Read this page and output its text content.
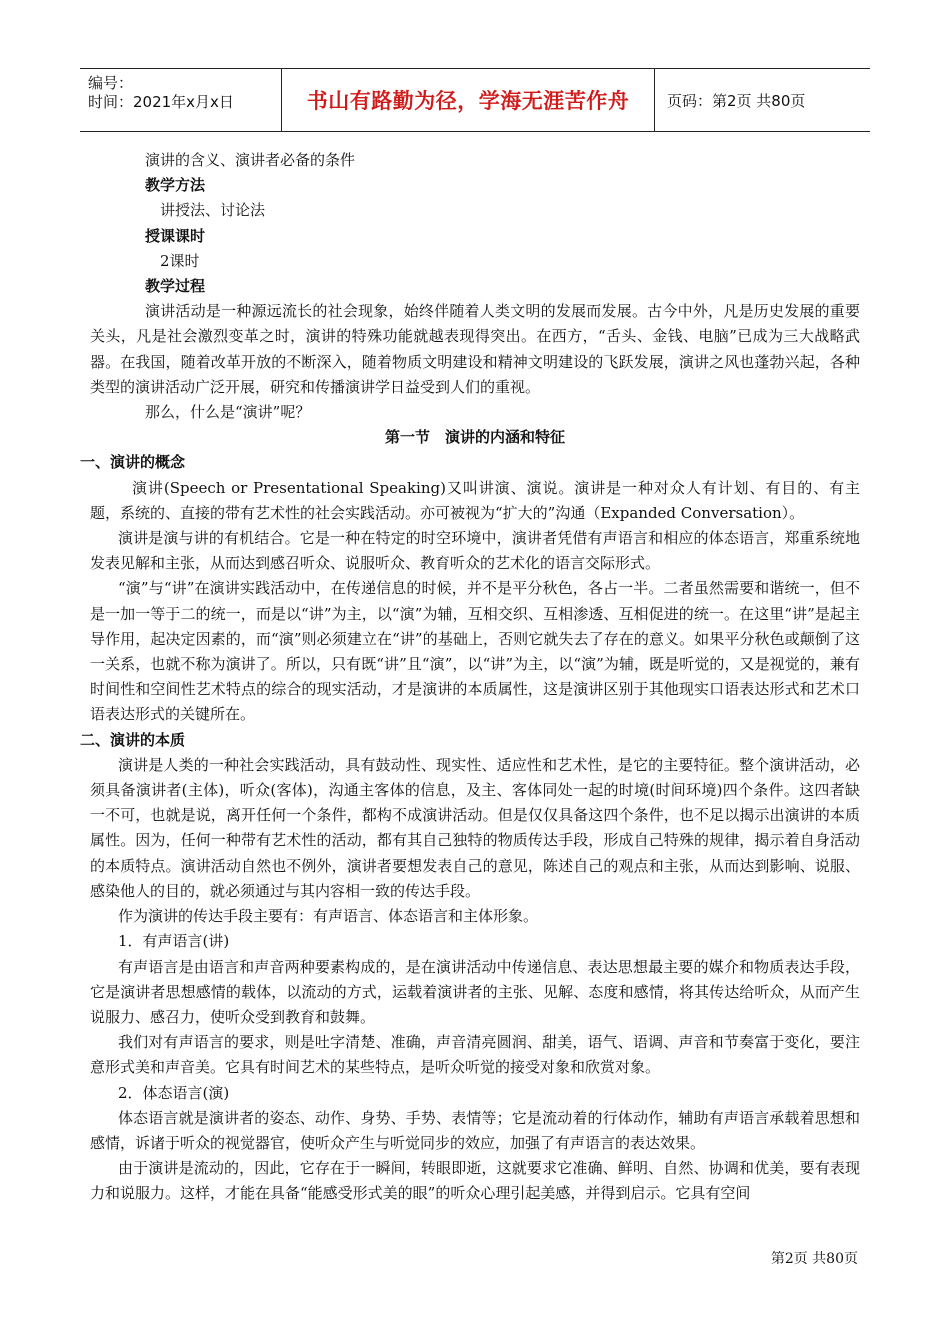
编号：
时间：2021年x月x日	书山有路勤为径，学海无涯苦作舟	页码：第2页 共80页

演讲的含义、演讲者必备的条件

教学方法

讲授法、讨论法

授课课时

2课时

教学过程

演讲活动是一种源远流长的社会现象，始终伴随着人类文明的发展而发展。古今中外，凡是历史发展的重要关头，凡是社会激烈变革之时，演讲的特殊功能就越表现得突出。在西方，“舌头、金钱、电脑”已成为三大战略武器。在我国，随着改革开放的不断深入，随着物质文明建设和精神文明建设的飞跃发展，演讲之风也蓬勃兴起，各种类型的演讲活动广泛开展，研究和传播演讲学日益受到人们的重视。

那么，什么是“演讲”呢？

第一节　演讲的内涵和特征

一、演讲的概念

演讲(Speech or Presentational Speaking)又叫讲演、演说。演讲是一种对众人有计划、有目的、有主题，系统的、直接的带有艺术性的社会实践活动。亦可被视为“扩大的”沟通（Expanded Conversation）。

演讲是演与讲的有机结合。它是一种在特定的时空环境中，演讲者凭借有声语言和相应的体态语言，郑重系统地发表见解和主张，从而达到感召听众、说服听众、教育听众的艺术化的语言交际形式。

“演”与“讲”在演讲实践活动中，在传递信息的时候，并不是平分秋色，各占一半。二者虽然需要和谐统一，但不是一加一等于二的统一，而是以“讲”为主，以“演”为辅，互相交织、互相渗透、互相促进的统一。在这里“讲”是起主导作用，起决定因素的，而“演”则必须建立在“讲”的基础上，否则它就失去了存在的意义。如果平分秋色或颠倒了这一关系，也就不称为演讲了。所以，只有既“讲”且“演”，以“讲”为主，以“演”为辅，既是听觉的，又是视觉的，兼有时间性和空间性艺术特点的综合的现实活动，才是演讲的本质属性，这是演讲区别于其他现实口语表达形式和艺术口语表达形式的关键所在。

二、演讲的本质

演讲是人类的一种社会实践活动，具有鼓动性、现实性、适应性和艺术性，是它的主要特征。整个演讲活动，必须具备演讲者(主体)，听众(客体)，沟通主客体的信息，及主、客体同处一起的时境(时间环境)四个条件。这四者缺一不可，也就是说，离开任何一个条件，都构不成演讲活动。但是仅仅具备这四个条件，也不足以揭示出演讲的本质属性。因为，任何一种带有艺术性的活动，都有其自己独特的物质传达手段，形成自己特殊的规律，揭示着自身活动的本质特点。演讲活动自然也不例外，演讲者要想发表自己的意见，陈述自己的观点和主张，从而达到影响、说服、感染他人的目的，就必须通过与其内容相一致的传达手段。

作为演讲的传达手段主要有：有声语言、体态语言和主体形象。

1．有声语言(讲)

有声语言是由语言和声音两种要素构成的，是在演讲活动中传递信息、表达思想最主要的媒介和物质表达手段，它是演讲者思想感情的载体，以流动的方式，运载着演讲者的主张、见解、态度和感情，将其传达给听众，从而产生说服力、感召力，使听众受到教育和鼓舞。

我们对有声语言的要求，则是吐字清楚、准确，声音清亮圆润、甜美，语气、语调、声音和节奏富于变化，要注意形式美和声音美。它具有时间艺术的某些特点，是听众听觉的接受对象和欣赏对象。

2．体态语言(演)

体态语言就是演讲者的姿态、动作、身势、手势、表情等；它是流动着的行体动作，辅助有声语言承载着思想和感情，诉诸于听众的视觉器官，使听众产生与听觉同步的效应，加强了有声语言的表达效果。

由于演讲是流动的，因此，它存在于一瞬间，转眼即逝，这就要求它准确、鲜明、自然、协调和优美，要有表现力和说服力。这样，才能在具备“能感受形式美的眼”的听众心理引起美感，并得到启示。它具有空间

第2页 共80页
